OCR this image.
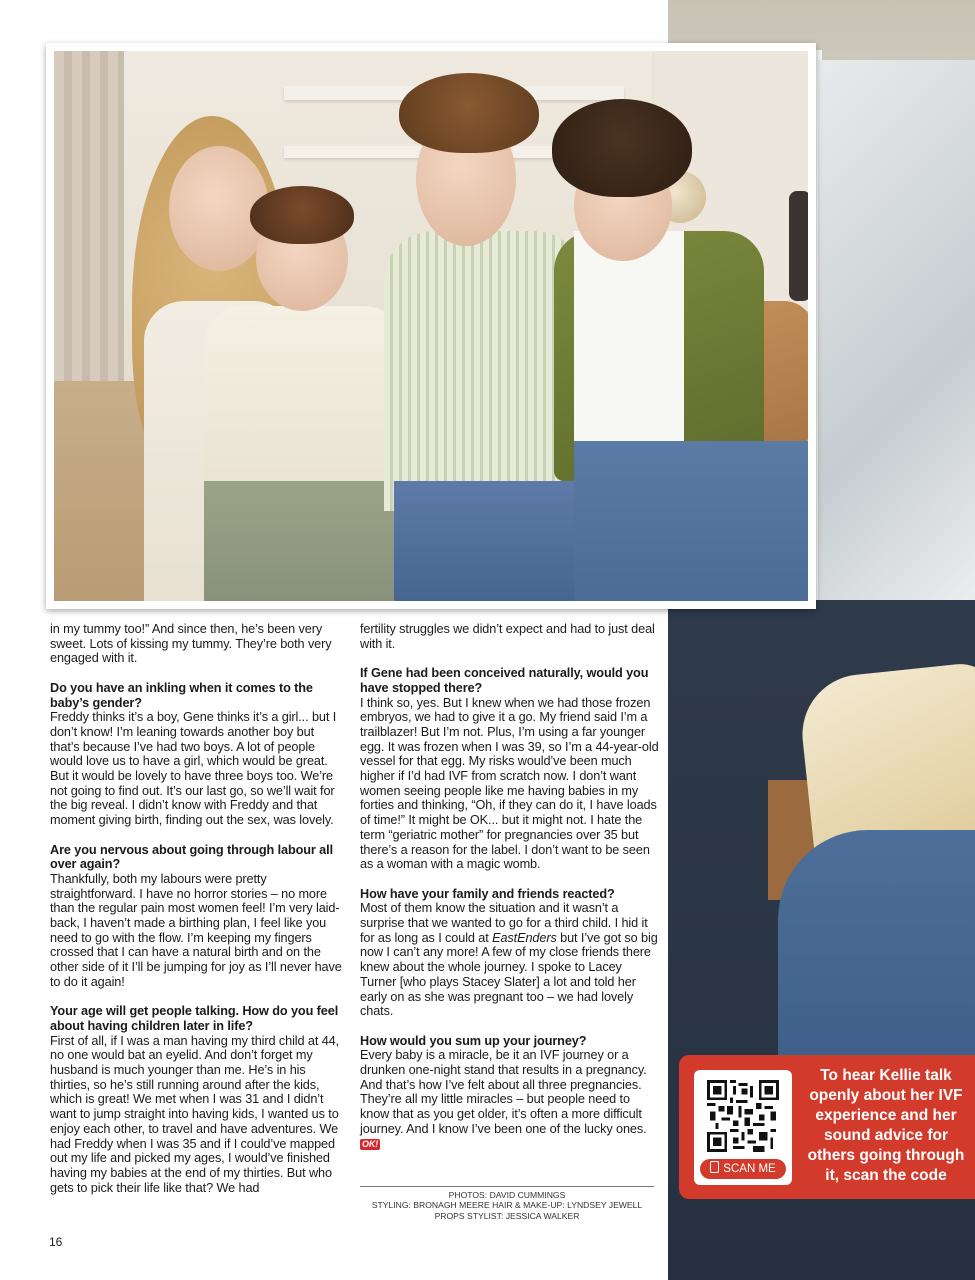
in my tummy too!” And since then, he’s been very sweet. Lots of kissing my tummy. They’re both very engaged with it.

Do you have an inkling when it comes to the baby’s gender?
Freddy thinks it’s a boy, Gene thinks it’s a girl... but I don’t know! I’m leaning towards another boy but that’s because I’ve had two boys. A lot of people would love us to have a girl, which would be great. But it would be lovely to have three boys too. We’re not going to find out. It’s our last go, so we’ll wait for the big reveal. I didn’t know with Freddy and that moment giving birth, finding out the sex, was lovely.

Are you nervous about going through labour all over again?
Thankfully, both my labours were pretty straightforward. I have no horror stories – no more than the regular pain most women feel! I’m very laid-back, I haven’t made a birthing plan, I feel like you need to go with the flow. I’m keeping my fingers crossed that I can have a natural birth and on the other side of it I’ll be jumping for joy as I’ll never have to do it again!

Your age will get people talking. How do you feel about having children later in life?
First of all, if I was a man having my third child at 44, no one would bat an eyelid. And don’t forget my husband is much younger than me. He’s in his thirties, so he’s still running around after the kids, which is great! We met when I was 31 and I didn’t want to jump straight into having kids, I wanted us to enjoy each other, to travel and have adventures. We had Freddy when I was 35 and if I could’ve mapped out my life and picked my ages, I would’ve finished having my babies at the end of my thirties. But who gets to pick their life like that? We had

fertility struggles we didn’t expect and had to just deal with it.

If Gene had been conceived naturally, would you have stopped there?
I think so, yes. But I knew when we had those frozen embryos, we had to give it a go. My friend said I’m a trailblazer! But I’m not. Plus, I’m using a far younger egg. It was frozen when I was 39, so I’m a 44-year-old vessel for that egg. My risks would’ve been much higher if I’d had IVF from scratch now. I don’t want women seeing people like me having babies in my forties and thinking, “Oh, if they can do it, I have loads of time!” It might be OK... but it might not. I hate the term “geriatric mother” for pregnancies over 35 but there’s a reason for the label. I don’t want to be seen as a woman with a magic womb.

How have your family and friends reacted?
Most of them know the situation and it wasn’t a surprise that we wanted to go for a third child. I hid it for as long as I could at EastEnders but I’ve got so big now I can’t any more! A few of my close friends there knew about the whole journey. I spoke to Lacey Turner [who plays Stacey Slater] a lot and told her early on as she was pregnant too – we had lovely chats.

How would you sum up your journey?
Every baby is a miracle, be it an IVF journey or a drunken one-night stand that results in a pregnancy. And that’s how I’ve felt about all three pregnancies. They’re all my little miracles – but people need to know that as you get older, it’s often a more difficult journey. And I know I’ve been one of the lucky ones. OK!

PHOTOS: DAVID CUMMINGS
STYLING: BRONAGH MEERE HAIR & MAKE-UP: LYNDSEY JEWELL
PROPS STYLIST: JESSICA WALKER
16
SCAN ME
To hear Kellie talk openly about her IVF experience and her sound advice for others going through it, scan the code
